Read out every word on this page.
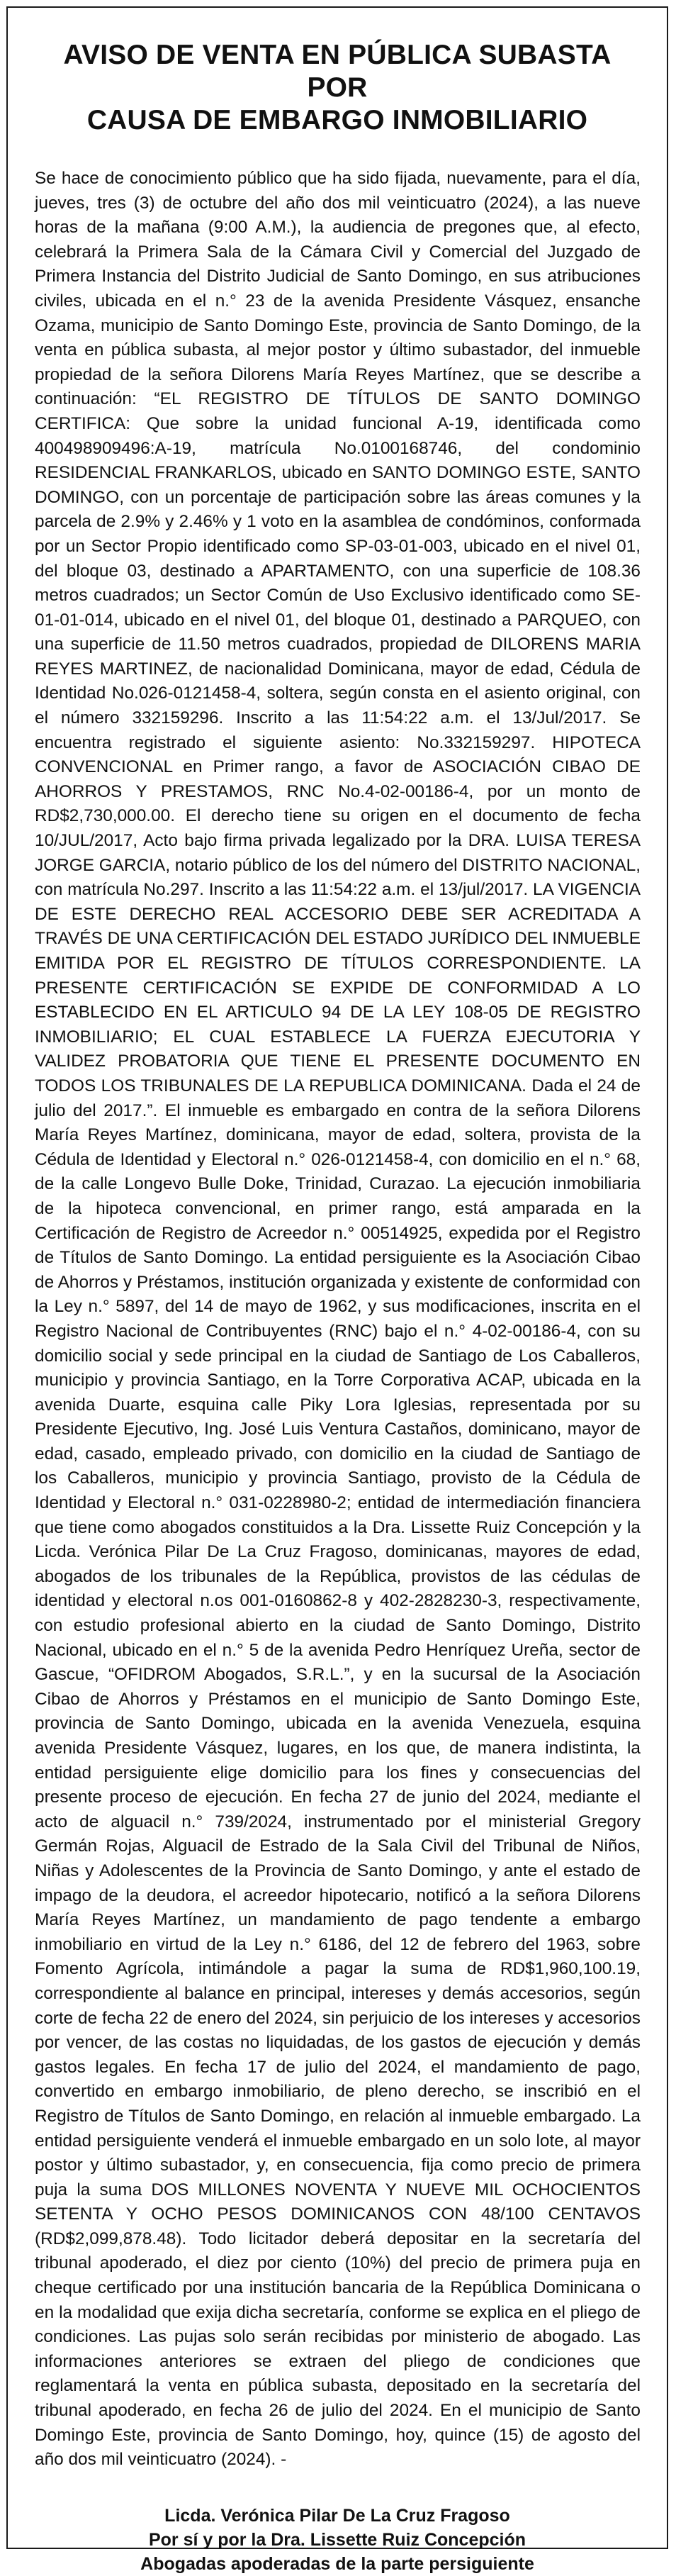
AVISO DE VENTA EN PÚBLICA SUBASTA POR
CAUSA DE EMBARGO INMOBILIARIO
Se hace de conocimiento público que ha sido fijada, nuevamente, para el día, jueves, tres (3) de octubre del año dos mil veinticuatro (2024), a las nueve horas de la mañana (9:00 A.M.), la audiencia de pregones que, al efecto, celebrará la Primera Sala de la Cámara Civil y Comercial del Juzgado de Primera Instancia del Distrito Judicial de Santo Domingo, en sus atribuciones civiles, ubicada en el n.° 23 de la avenida Presidente Vásquez, ensanche Ozama, municipio de Santo Domingo Este, provincia de Santo Domingo, de la venta en pública subasta, al mejor postor y último subastador, del inmueble propiedad de la señora Dilorens María Reyes Martínez, que se describe a continuación: “EL REGISTRO DE TÍTULOS DE SANTO DOMINGO CERTIFICA: Que sobre la unidad funcional A-19, identificada como 400498909496:A-19, matrícula No.0100168746, del condominio RESIDENCIAL FRANKARLOS, ubicado en SANTO DOMINGO ESTE, SANTO DOMINGO, con un porcentaje de participación sobre las áreas comunes y la parcela de 2.9% y 2.46% y 1 voto en la asamblea de condóminos, conformada por un Sector Propio identificado como SP-03-01-003, ubicado en el nivel 01, del bloque 03, destinado a APARTAMENTO, con una superficie de 108.36 metros cuadrados; un Sector Común de Uso Exclusivo identificado como SE-01-01-014, ubicado en el nivel 01, del bloque 01, destinado a PARQUEO, con una superficie de 11.50 metros cuadrados, propiedad de DILORENS MARIA REYES MARTINEZ, de nacionalidad Dominicana, mayor de edad, Cédula de Identidad No.026-0121458-4, soltera, según consta en el asiento original, con el número 332159296. Inscrito a las 11:54:22 a.m. el 13/Jul/2017. Se encuentra registrado el siguiente asiento: No.332159297. HIPOTECA CONVENCIONAL en Primer rango, a favor de ASOCIACIÓN CIBAO DE AHORROS Y PRESTAMOS, RNC No.4-02-00186-4, por un monto de RD$2,730,000.00. El derecho tiene su origen en el documento de fecha 10/JUL/2017, Acto bajo firma privada legalizado por la DRA. LUISA TERESA JORGE GARCIA, notario público de los del número del DISTRITO NACIONAL, con matrícula No.297. Inscrito a las 11:54:22 a.m. el 13/jul/2017. LA VIGENCIA DE ESTE DERECHO REAL ACCESORIO DEBE SER ACREDITADA A TRAVÉS DE UNA CERTIFICACIÓN DEL ESTADO JURÍDICO DEL INMUEBLE EMITIDA POR EL REGISTRO DE TÍTULOS CORRESPONDIENTE. LA PRESENTE CERTIFICACIÓN SE EXPIDE DE CONFORMIDAD A LO ESTABLECIDO EN EL ARTICULO 94 DE LA LEY 108-05 DE REGISTRO INMOBILIARIO; EL CUAL ESTABLECE LA FUERZA EJECUTORIA Y VALIDEZ PROBATORIA QUE TIENE EL PRESENTE DOCUMENTO EN TODOS LOS TRIBUNALES DE LA REPUBLICA DOMINICANA. Dada el 24 de julio del 2017.”. El inmueble es embargado en contra de la señora Dilorens María Reyes Martínez, dominicana, mayor de edad, soltera, provista de la Cédula de Identidad y Electoral n.° 026-0121458-4, con domicilio en el n.° 68, de la calle Longevo Bulle Doke, Trinidad, Curazao. La ejecución inmobiliaria de la hipoteca convencional, en primer rango, está amparada en la Certificación de Registro de Acreedor n.° 00514925, expedida por el Registro de Títulos de Santo Domingo. La entidad persiguiente es la Asociación Cibao de Ahorros y Préstamos, institución organizada y existente de conformidad con la Ley n.° 5897, del 14 de mayo de 1962, y sus modificaciones, inscrita en el Registro Nacional de Contribuyentes (RNC) bajo el n.° 4-02-00186-4, con su domicilio social y sede principal en la ciudad de Santiago de Los Caballeros, municipio y provincia Santiago, en la Torre Corporativa ACAP, ubicada en la avenida Duarte, esquina calle Piky Lora Iglesias, representada por su Presidente Ejecutivo, Ing. José Luis Ventura Castaños, dominicano, mayor de edad, casado, empleado privado, con domicilio en la ciudad de Santiago de los Caballeros, municipio y provincia Santiago, provisto de la Cédula de Identidad y Electoral n.° 031-0228980-2; entidad de intermediación financiera que tiene como abogados constituidos a la Dra. Lissette Ruiz Concepción y la Licda. Verónica Pilar De La Cruz Fragoso, dominicanas, mayores de edad, abogados de los tribunales de la República, provistos de las cédulas de identidad y electoral n.os 001-0160862-8 y 402-2828230-3, respectivamente, con estudio profesional abierto en la ciudad de Santo Domingo, Distrito Nacional, ubicado en el n.° 5 de la avenida Pedro Henríquez Ureña, sector de Gascue, “OFIDROM Abogados, S.R.L.”, y en la sucursal de la Asociación Cibao de Ahorros y Préstamos en el municipio de Santo Domingo Este, provincia de Santo Domingo, ubicada en la avenida Venezuela, esquina avenida Presidente Vásquez, lugares, en los que, de manera indistinta, la entidad persiguiente elige domicilio para los fines y consecuencias del presente proceso de ejecución. En fecha 27 de junio del 2024, mediante el acto de alguacil n.° 739/2024, instrumentado por el ministerial Gregory Germán Rojas, Alguacil de Estrado de la Sala Civil del Tribunal de Niños, Niñas y Adolescentes de la Provincia de Santo Domingo, y ante el estado de impago de la deudora, el acreedor hipotecario, notificó a la señora Dilorens María Reyes Martínez, un mandamiento de pago tendente a embargo inmobiliario en virtud de la Ley n.° 6186, del 12 de febrero del 1963, sobre Fomento Agrícola, intimándole a pagar la suma de RD$1,960,100.19, correspondiente al balance en principal, intereses y demás accesorios, según corte de fecha 22 de enero del 2024, sin perjuicio de los intereses y accesorios por vencer, de las costas no liquidadas, de los gastos de ejecución y demás gastos legales. En fecha 17 de julio del 2024, el mandamiento de pago, convertido en embargo inmobiliario, de pleno derecho, se inscribió en el Registro de Títulos de Santo Domingo, en relación al inmueble embargado. La entidad persiguiente venderá el inmueble embargado en un solo lote, al mayor postor y último subastador, y, en consecuencia, fija como precio de primera puja la suma DOS MILLONES NOVENTA Y NUEVE MIL OCHOCIENTOS SETENTA Y OCHO PESOS DOMINICANOS CON 48/100 CENTAVOS (RD$2,099,878.48). Todo licitador deberá depositar en la secretaría del tribunal apoderado, el diez por ciento (10%) del precio de primera puja en cheque certificado por una institución bancaria de la República Dominicana o en la modalidad que exija dicha secretaría, conforme se explica en el pliego de condiciones. Las pujas solo serán recibidas por ministerio de abogado. Las informaciones anteriores se extraen del pliego de condiciones que reglamentará la venta en pública subasta, depositado en la secretaría del tribunal apoderado, en fecha 26 de julio del 2024. En el municipio de Santo Domingo Este, provincia de Santo Domingo, hoy, quince (15) de agosto del año dos mil veinticuatro (2024). -
Licda. Verónica Pilar De La Cruz Fragoso
Por sí y por la Dra. Lissette Ruiz Concepción
Abogadas apoderadas de la parte persiguiente
